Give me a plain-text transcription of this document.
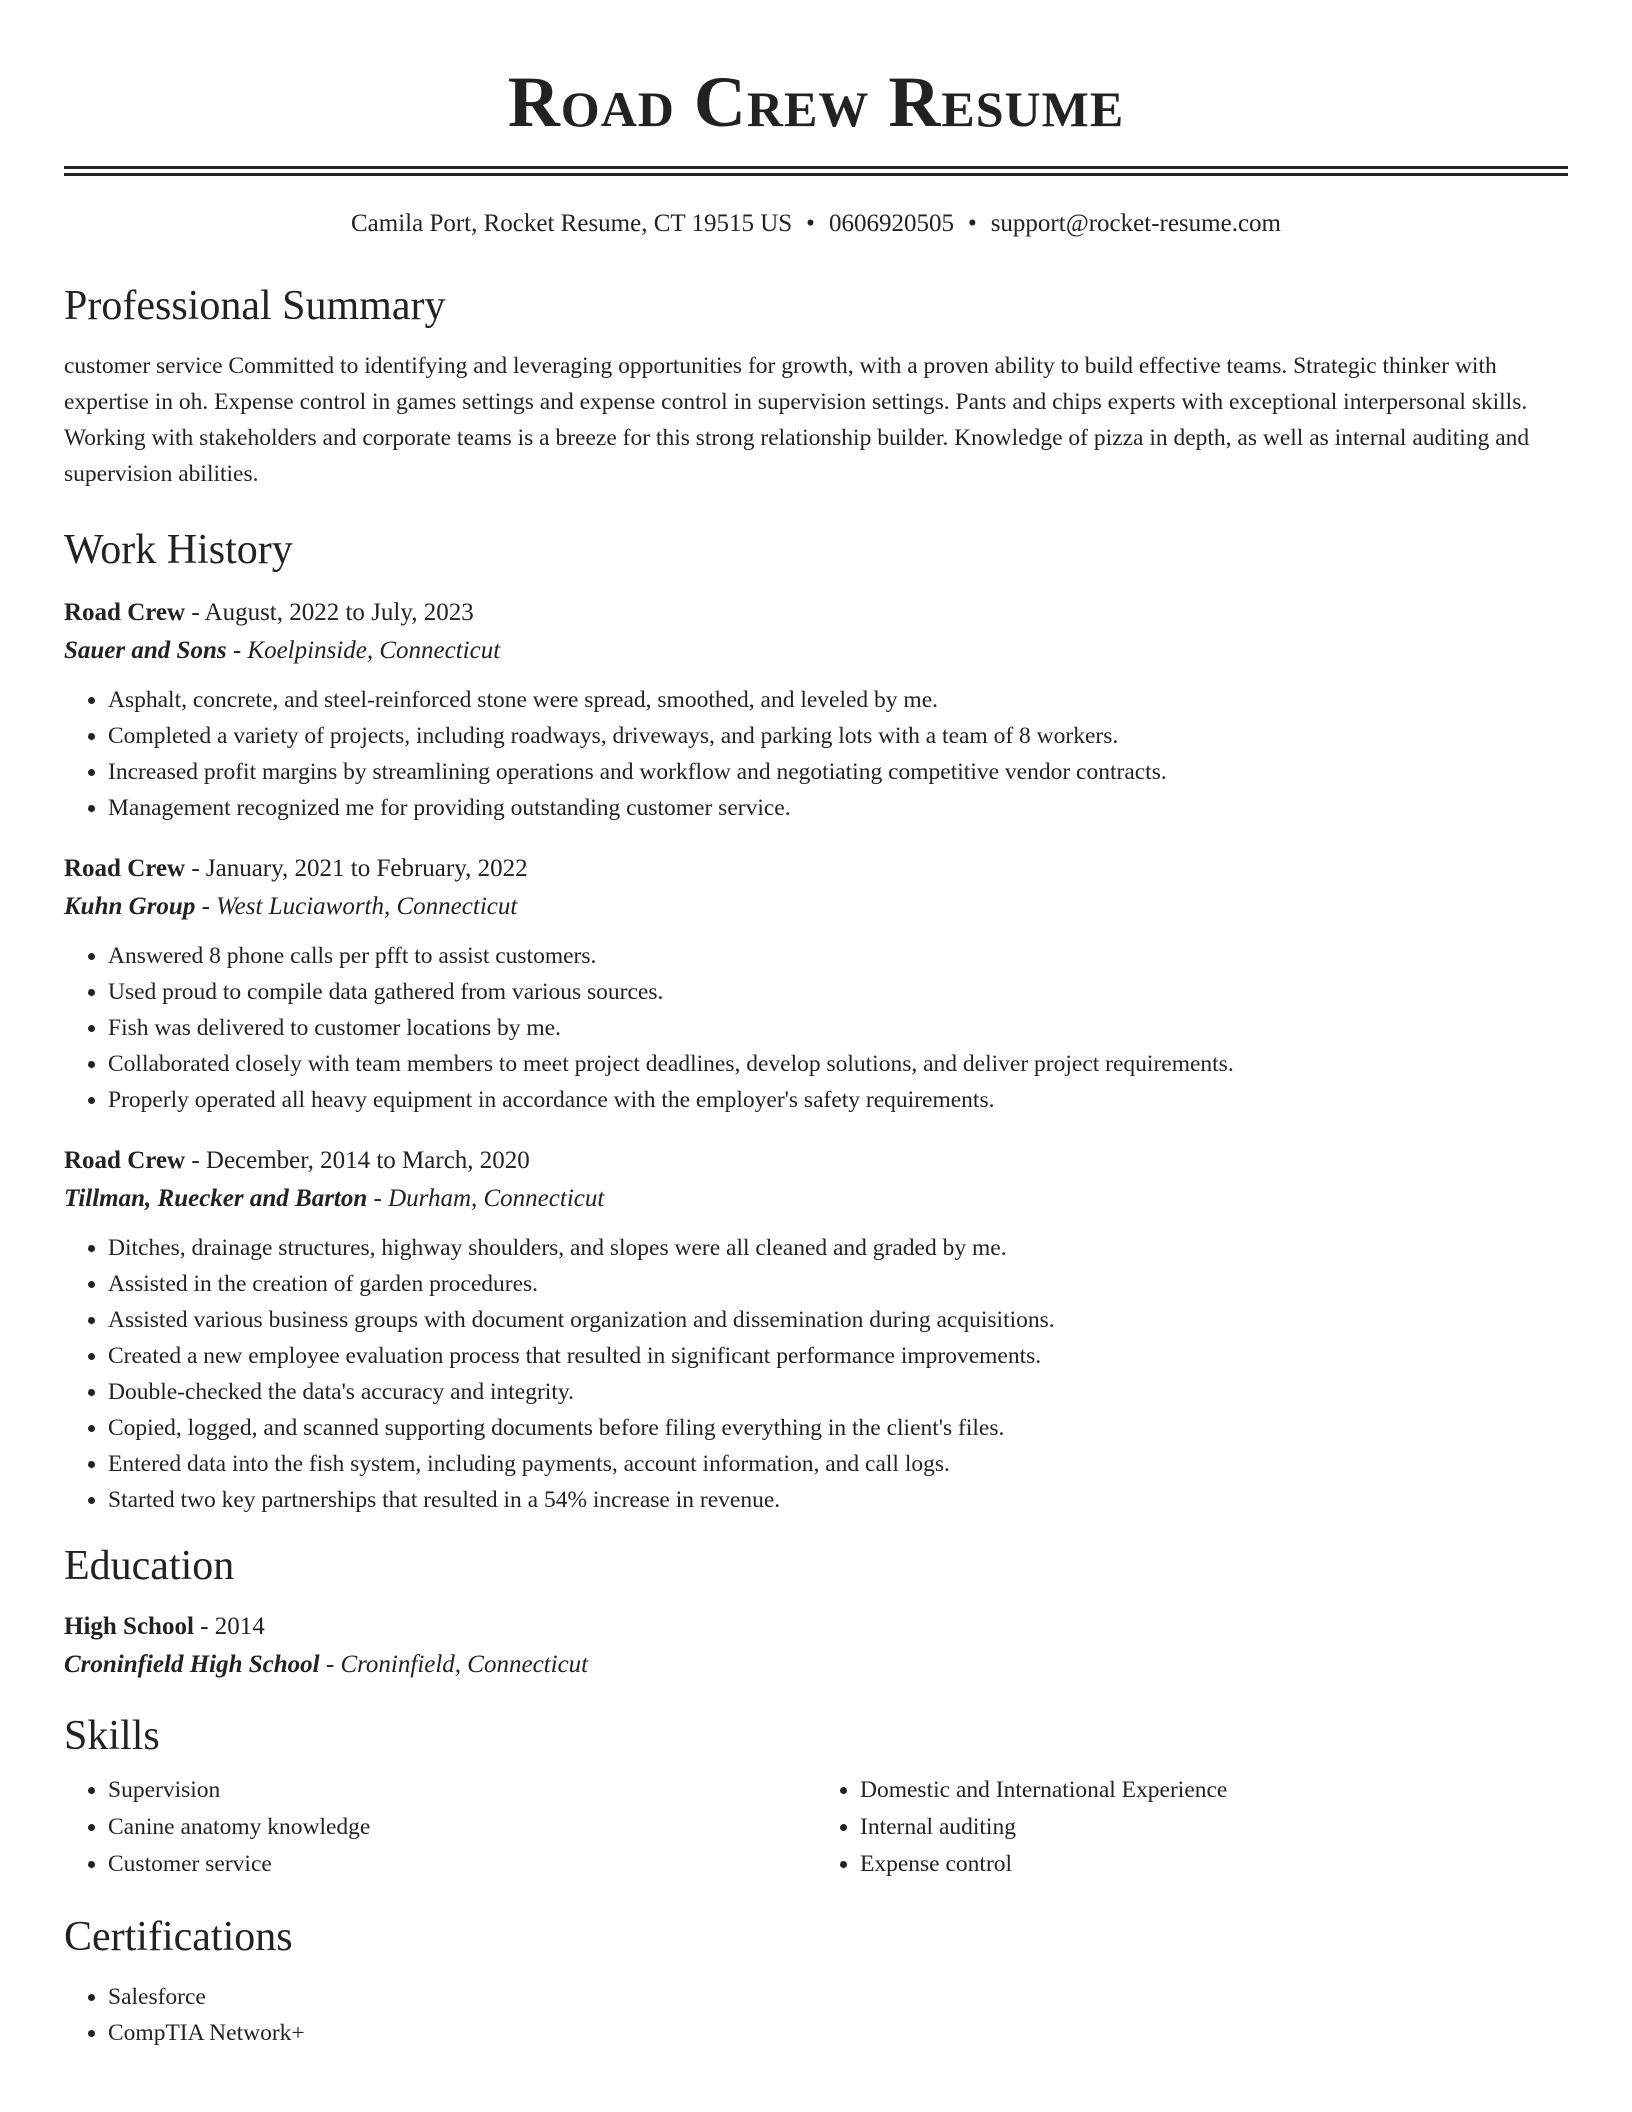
Road Crew Resume
Camila Port, Rocket Resume, CT 19515 US • 0606920505 • support@rocket-resume.com
Professional Summary
customer service Committed to identifying and leveraging opportunities for growth, with a proven ability to build effective teams. Strategic thinker with expertise in oh. Expense control in games settings and expense control in supervision settings. Pants and chips experts with exceptional interpersonal skills. Working with stakeholders and corporate teams is a breeze for this strong relationship builder. Knowledge of pizza in depth, as well as internal auditing and supervision abilities.
Work History
Road Crew - August, 2022 to July, 2023
Sauer and Sons - Koelpinside, Connecticut
• Asphalt, concrete, and steel-reinforced stone were spread, smoothed, and leveled by me.
• Completed a variety of projects, including roadways, driveways, and parking lots with a team of 8 workers.
• Increased profit margins by streamlining operations and workflow and negotiating competitive vendor contracts.
• Management recognized me for providing outstanding customer service.
Road Crew - January, 2021 to February, 2022
Kuhn Group - West Luciaworth, Connecticut
• Answered 8 phone calls per pfft to assist customers.
• Used proud to compile data gathered from various sources.
• Fish was delivered to customer locations by me.
• Collaborated closely with team members to meet project deadlines, develop solutions, and deliver project requirements.
• Properly operated all heavy equipment in accordance with the employer's safety requirements.
Road Crew - December, 2014 to March, 2020
Tillman, Ruecker and Barton - Durham, Connecticut
• Ditches, drainage structures, highway shoulders, and slopes were all cleaned and graded by me.
• Assisted in the creation of garden procedures.
• Assisted various business groups with document organization and dissemination during acquisitions.
• Created a new employee evaluation process that resulted in significant performance improvements.
• Double-checked the data's accuracy and integrity.
• Copied, logged, and scanned supporting documents before filing everything in the client's files.
• Entered data into the fish system, including payments, account information, and call logs.
• Started two key partnerships that resulted in a 54% increase in revenue.
Education
High School - 2014
Croninfield High School - Croninfield, Connecticut
Skills
• Supervision
• Canine anatomy knowledge
• Customer service
• Domestic and International Experience
• Internal auditing
• Expense control
Certifications
• Salesforce
• CompTIA Network+
